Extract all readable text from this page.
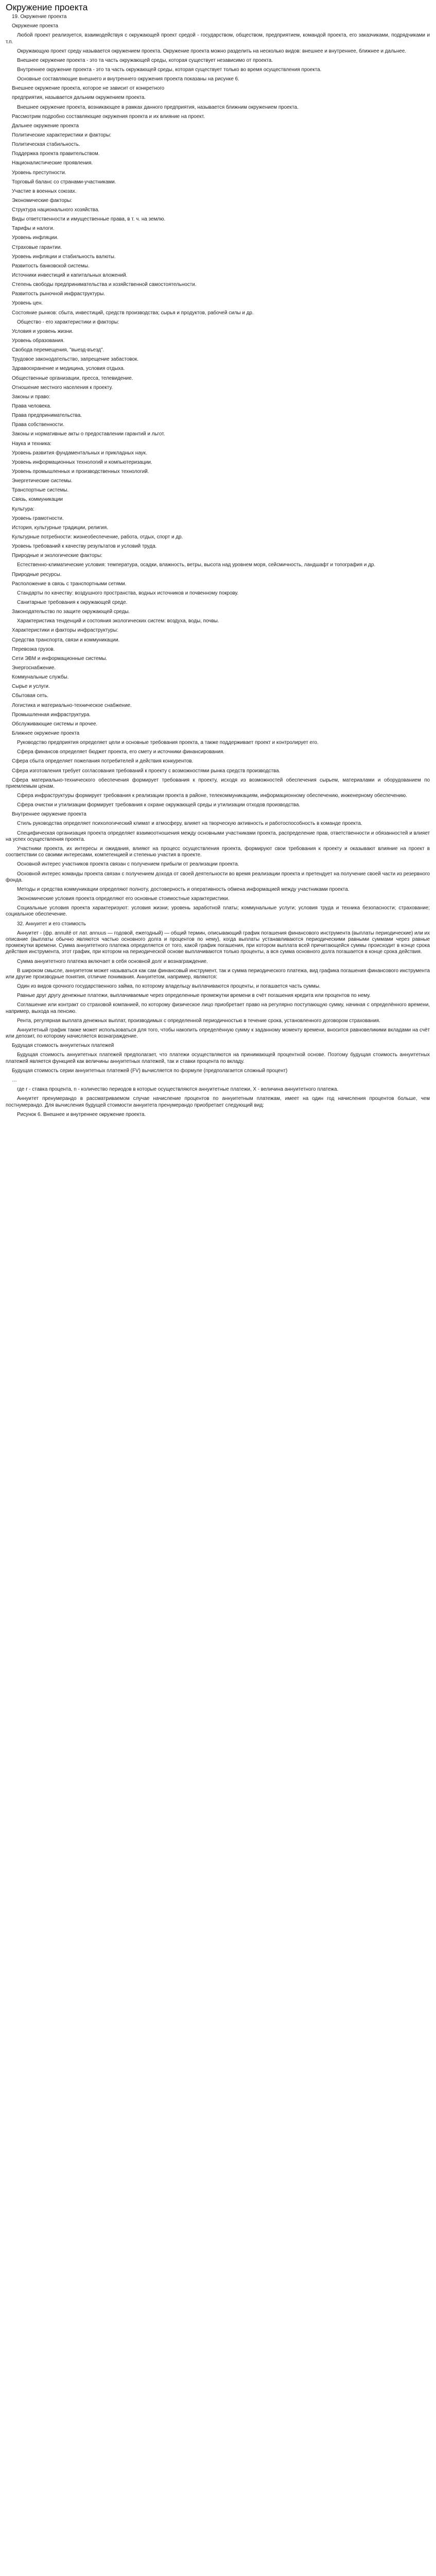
Окружение проекта

19. Окружение проекта

Окружение проекта

Любой проект реализуется, взаимодействуя с окружающей проект средой - государством, обществом, предприятием, командой проекта, его заказчиками, подрядчиками и т.п.

Окружающую проект среду называется окружением проекта. Окружение проекта можно разделить на несколько видов: внешнее и внутреннее, ближнее и дальнее.

Внешнее окружение проекта - это та часть окружающей среды, которая существует независимо от проекта.

Внутреннее окружение проекта - это та часть окружающей среды, которая существует только во время осуществления проекта.

Основные составляющие внешнего и внутреннего окружения проекта показаны на рисунке 6.

Внешнее окружение проекта, которое не зависит от конкретного

предприятия, называется дальним окружением проекта.

Внешнее окружение проекта, возникающее в рамках данного предприятия, называется ближним окружением проекта.

Рассмотрим подробно составляющие окружения проекта и их влияние на проект.

Дальнее окружение проекта

Политические характеристики и факторы:

Политическая стабильность.

Поддержка проекта правительством.

Националистические проявления.

Уровень преступности.

Торговый баланс со странами-участниками.

Участие в военных союзах.

Экономические факторы:

Структура национального хозяйства.

Виды ответственности и имущественные права, в т. ч. на землю.

Тарифы и налоги.

Уровень инфляции.

Страховые гарантии.

Уровень инфляции и стабильность валюты.

Развитость банковской системы.

Источники инвестиций и капитальных вложений.

Степень свободы предпринимательства и хозяйственной самостоятельности.

Развитость рыночной инфраструктуры.

Уровень цен.

Состояние рынков: сбыта, инвестиций, средств производства; сырья и продуктов, рабочей силы и др.

Общество - его характеристики и факторы:

Условия и уровень жизни.

Уровень образования.

Свобода перемещения, "выезд-въезд".

Трудовое законодательство, запрещение забастовок.

Здравоохранение и медицина, условия отдыха.

Общественные организации, пресса, телевидение.

Отношение местного населения к проекту.

Законы и право:

Права человека.

Права предпринимательства.

Права собственности.

Законы и нормативные акты о предоставлении гарантий и льгот.

Наука и техника:

Уровень развития фундаментальных и прикладных наук.

Уровень информационных технологий и компьютеризации.

Уровень промышленных и производственных технологий.

Энергетические системы.

Транспортные системы.

Связь, коммуникации

Культура:

Уровень грамотности.

История, культурные традиции, религия.

Культурные потребности: жизнеобеспечение, работа, отдых, спорт и др.

Уровень требований к качеству результатов и условий труда.

Природные и экологические факторы:

Естественно-климатические условия: температура, осадки, влажность, ветры, высота над уровнем моря, сейсмичность, ландшафт и топография и др.

Природные ресурсы.

Расположение в связь с транспортными сетями.

Стандарты по качеству: воздушного пространства, водных источников и почвенному покрову.

Санитарные требования к окружающей среде.

Законодательство по защите окружающей среды.

Характеристика тенденций и состояния экологических систем: воздуха, воды, почвы.

Характеристики и факторы инфраструктуры:

Средства транспорта, связи и коммуникации.

Перевозка грузов.

Сети ЭВМ и информационные системы.

Энергоснабжение.

Коммунальные службы.

Сырье и услуги.

Сбытовая сеть.

Логистика и материально-техническое снабжение.

Промышленная инфраструктура.

Обслуживающие системы и прочее.

Ближнее окружение проекта

Руководство предприятия определяет цели и основные требования проекта, а также поддерживает проект и контролирует его.

Сфера финансов определяет бюджет проекта, его смету и источники финансирования.

Сфера сбыта определяет пожелания потребителей и действия конкурентов.

Сфера изготовления требует согласования требований к проекту с возможностями рынка средств производства.

Сфера материально-технического обеспечения формирует требования к проекту, исходя из возможностей обеспечения сырьем, материалами и оборудованием по приемлемым ценам.

Сфера инфраструктуры формирует требования к реализации проекта в районе, телекоммуникациям, информационному обеспечению, инженерному обеспечению.

Сфера очистки и утилизации формирует требования к охране окружающей среды и утилизации отходов производства.

Внутреннее окружение проекта

Стиль руководства определяет психологический климат и атмосферу, влияет на творческую активность и работоспособность в команде проекта.

Специфическая организация проекта определяет взаимоотношения между основными участниками проекта, распределение прав, ответственности и обязанностей и влияет на успех осуществления проекта.

Участники проекта, их интересы и ожидания, влияют на процесс осуществления проекта, формируют свои требования к проекту и оказывают влияние на проект в соответствии со своими интересами, компетенцией и степенью участия в проекте.

Основной интерес участников проекта связан с получением прибыли от реализации проекта.

Основной интерес команды проекта связан с получением дохода от своей деятельности во время реализации проекта и претендует на получение своей части из резервного фонда.

Методы и средства коммуникации определяют полноту, достоверность и оперативность обмена информацией между участниками проекта.

Экономические условия проекта определяют его основные стоимостные характеристики.

Социальные условия проекта характеризуют: условия жизни; уровень заработной платы; коммунальные услуги; условия труда и техника безопасности; страхование; социальное обеспечение.

32. Аннуитет и его стоимость

Аннуитет - (фр. annuité от лат. annuus — годовой, ежегодный) — общий термин, описывающий график погашения финансового инструмента (выплаты периодические) или их описание (выплаты обычно являются частью основного долга и процентов по нему), когда выплаты устанавливаются периодическими равными суммами через равные промежутки времени. Сумма аннуитетного платежа определяется от того, какой график погашения, при котором выплата всей причитающейся суммы происходит в конце срока действия инструмента, этот график, при котором на периодической основе выплачиваются только проценты, а вся сумма основного долга погашается в конце срока действия.

Сумма аннуитетного платежа включает в себя основной долг и вознаграждение.

В широком смысле, аннуитетом может называться как сам финансовый инструмент, так и сумма периодического платежа, вид графика погашения финансового инструмента или другие производные понятия, отличие понимания. Аннуитетом, например, являются:

Один из видов срочного государственного займа, по которому владельцу выплачиваются проценты, и погашается часть суммы.

Равные друг другу денежные платежи, выплачиваемые через определенные промежутки времени в счёт погашения кредита или процентов по нему.

Соглашение или контракт со страховой компанией, по которому физическое лицо приобретает право на регулярно поступающую сумму, начиная с определённого времени, например, выхода на пенсию.

Рента, регулярная выплата денежных выплат, производимых с определенной периодичностью в течение срока, установленного договором страхования.

Аннуитетный график также может использоваться для того, чтобы накопить определённую сумму к заданному моменту времени, вносится равновеликими вкладами на счёт или депозит, по которому начисляется вознаграждение.

Будущая стоимость аннуитетных платежей

Будущая стоимость аннуитетных платежей предполагает, что платежи осуществляются на принимающей процентной основе. Поэтому будущая стоимость аннуитетных платежей является функцией как величины аннуитетных платежей, так и ставки процента по вкладу.

Будущая стоимость серии аннуитетных платежей (FV) вычисляется по формуле (предполагается сложный процент)

…

где r - ставка процента, n - количество периодов в которые осуществляются аннуитетные платежи, X - величина аннуитетного платежа.

Аннуитет пренумерандо в рассматриваемом случае начисление процентов по аннуитетным платежам, имеет на один год начисления процентов больше, чем постнумерандо. Для вычисления будущей стоимости аннуитета пренумерандо приобретает следующий вид:

Рисунок 6. Внешнее и внутреннее окружение проекта.
